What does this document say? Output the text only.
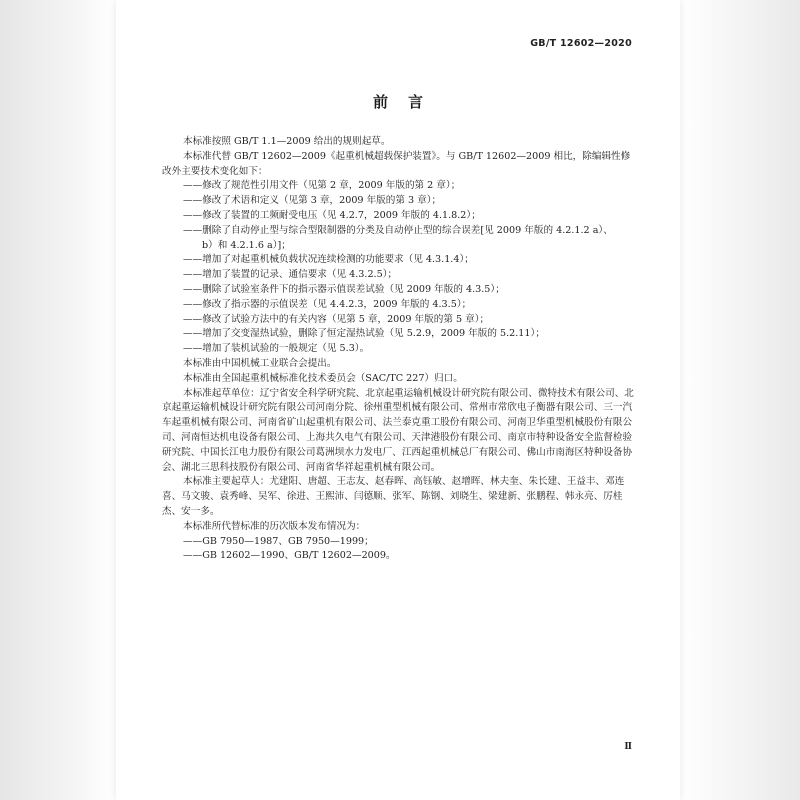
GB/T 12602—2020
前言

本标准按照 GB/T 1.1—2009 给出的规则起草。

本标准代替 GB/T 12602—2009《起重机械超载保护装置》。与 GB/T 12602—2009 相比，除编辑性修改外主要技术变化如下：

——修改了规范性引用文件（见第 2 章，2009 年版的第 2 章）；

——修改了术语和定义（见第 3 章，2009 年版的第 3 章）；

——修改了装置的工频耐受电压（见 4.2.7，2009 年版的 4.1.8.2）；

——删除了自动停止型与综合型限制器的分类及自动停止型的综合误差[见 2009 年版的 4.2.1.2 a）、

b）和 4.2.1.6 a）]；

——增加了对起重机械负载状况连续检测的功能要求（见 4.3.1.4）；

——增加了装置的记录、通信要求（见 4.3.2.5）；

——删除了试验室条件下的指示器示值误差试验（见 2009 年版的 4.3.5）；

——修改了指示器的示值误差（见 4.4.2.3，2009 年版的 4.3.5）；

——修改了试验方法中的有关内容（见第 5 章，2009 年版的第 5 章）；

——增加了交变湿热试验，删除了恒定湿热试验（见 5.2.9，2009 年版的 5.2.11）；

——增加了装机试验的一般规定（见 5.3）。

本标准由中国机械工业联合会提出。

本标准由全国起重机械标准化技术委员会（SAC/TC 227）归口。

本标准起草单位：辽宁省安全科学研究院、北京起重运输机械设计研究院有限公司、微特技术有限公司、北京起重运输机械设计研究院有限公司河南分院、徐州重型机械有限公司、常州市常欣电子衡器有限公司、三一汽车起重机械有限公司、河南省矿山起重机有限公司、法兰泰克重工股份有限公司、河南卫华重型机械股份有限公司、河南恒达机电设备有限公司、上海共久电气有限公司、天津港股份有限公司、南京市特种设备安全监督检验研究院、中国长江电力股份有限公司葛洲坝水力发电厂、江西起重机械总厂有限公司、佛山市南海区特种设备协会、湖北三思科技股份有限公司、河南省华祥起重机械有限公司。

本标准主要起草人：尤建阳、唐超、王志友、赵春晖、高钰敏、赵增晖、林夫奎、朱长建、王益丰、邓连喜、马文骏、袁秀峰、吴军、徐进、王熙沛、闫德顺、张军、陈钢、刘晓生、梁建新、张鹏程、韩永亮、厉桂杰、安一多。

本标准所代替标准的历次版本发布情况为：

——GB 7950—1987、GB 7950—1999；

——GB 12602—1990、GB/T 12602—2009。

Ⅱ
